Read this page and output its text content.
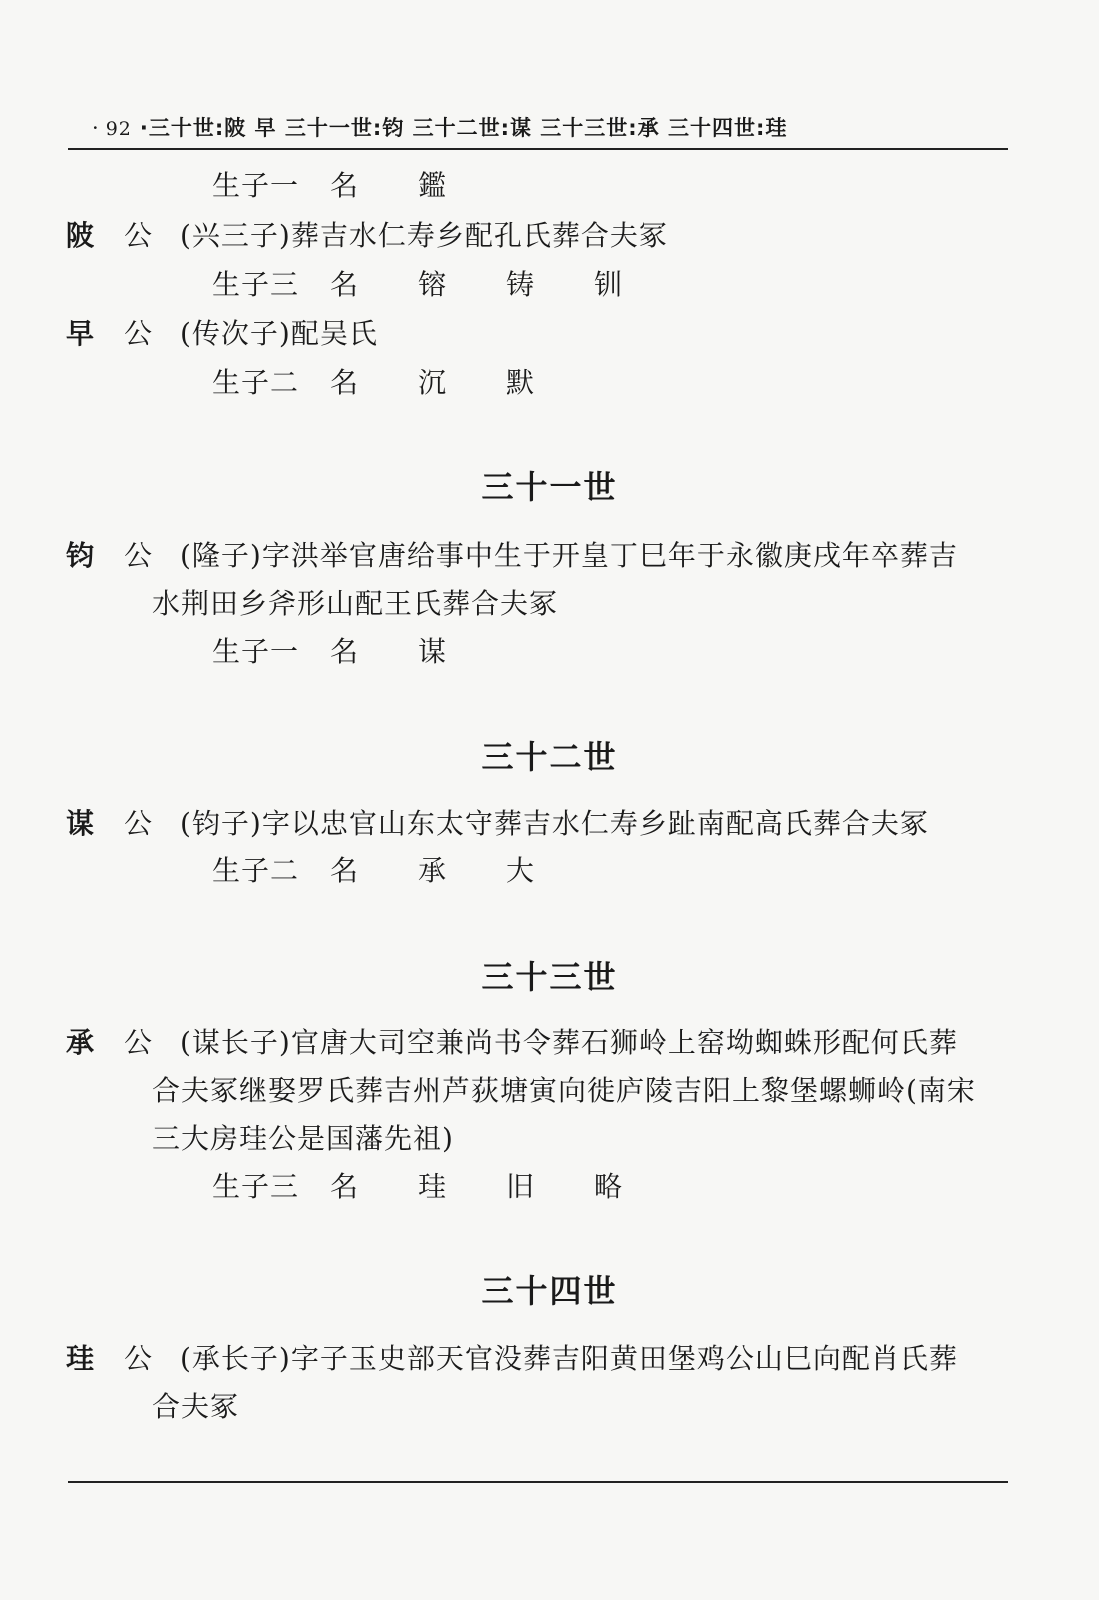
· 92 ·三十世:陂 早 三十一世:钧 三十二世:谋 三十三世:承 三十四世:珪
生子一 名 鑑
陂 公 (兴三子)葬吉水仁寿乡配孔氏葬合夫冢
生子三 名 镕 铸 钏
早 公 (传次子)配吴氏
生子二 名 沉 默
三十一世
钧 公 (隆子)字洪举官唐给事中生于开皇丁巳年于永徽庚戌年卒葬吉
水荆田乡斧形山配王氏葬合夫冢
生子一 名 谋
三十二世
谋 公 (钧子)字以忠官山东太守葬吉水仁寿乡趾南配高氏葬合夫冢
生子二 名 承 大
三十三世
承 公 (谋长子)官唐大司空兼尚书令葬石狮岭上窑坳蜘蛛形配何氏葬
合夫冢继娶罗氏葬吉州芦荻塘寅向徙庐陵吉阳上黎堡螺蛳岭(南宋
三大房珪公是国藩先祖)
生子三 名 珪 旧 略
三十四世
珪 公 (承长子)字子玉史部天官没葬吉阳黄田堡鸡公山巳向配肖氏葬
合夫冢
